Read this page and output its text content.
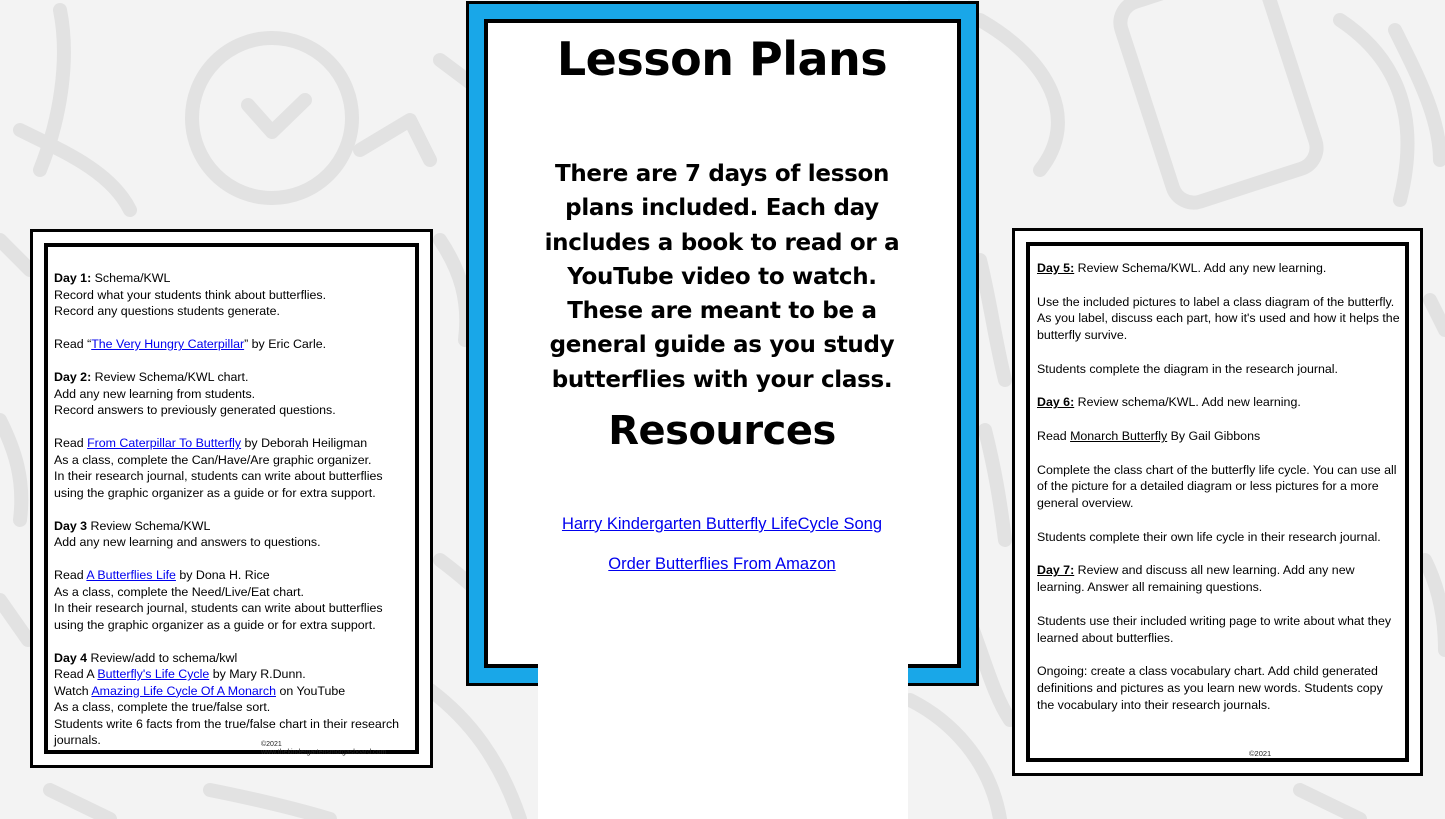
Day 1: Schema/KWL
Record what your students think about butterflies.
Record any questions students generate.
Read “The Very Hungry Caterpillar” by Eric Carle.
Day 2: Review Schema/KWL chart.
Add any new learning from students.
Record answers to previously generated questions.
Read From Caterpillar To Butterfly by Deborah Heiligman
As a class, complete the Can/Have/Are graphic organizer.
In their research journal, students can write about butterflies using the graphic organizer as a guide or for extra support.
Day 3 Review Schema/KWL
Add any new learning and answers to questions.
Read A Butterflies Life by Dona H. Rice
As a class, complete the Need/Live/Eat chart.
In their research journal, students can write about butterflies using the graphic organizer as a guide or for extra support.
Day 4 Review/add to schema/kwl
Read A Butterfly's Life Cycle by Mary R.Dunn.
Watch Amazing Life Cycle Of A Monarch on YouTube
As a class, complete the true/false sort.
Students write 6 facts from the true/false chart in their research journals.	©2021
www.thekindergartensmorgasboard.com
Lesson Plans
There are 7 days of lesson plans included. Each day includes a book to read or a YouTube video to watch. These are meant to be a general guide as you study butterflies with your class.
Resources
Harry Kindergarten Butterfly LifeCycle Song
Order Butterflies From Amazon
Day 5: Review Schema/KWL. Add any new learning.
Use the included pictures to label a class diagram of the butterfly. As you label, discuss each part, how it's used and how it helps the butterfly survive.
Students complete the diagram in the research journal.
Day 6: Review schema/KWL. Add new learning.
Read Monarch Butterfly By Gail Gibbons
Complete the class chart of the butterfly life cycle. You can use all of the picture for a detailed diagram or less pictures for a more general overview.
Students complete their own life cycle in their research journal.
Day 7: Review and discuss all new learning. Add any new learning. Answer all remaining questions.
Students use their included writing page to write about what they learned about butterflies.
Ongoing: create a class vocabulary chart. Add child generated definitions and pictures as you learn new words. Students copy the vocabulary into their research journals.
©2021
